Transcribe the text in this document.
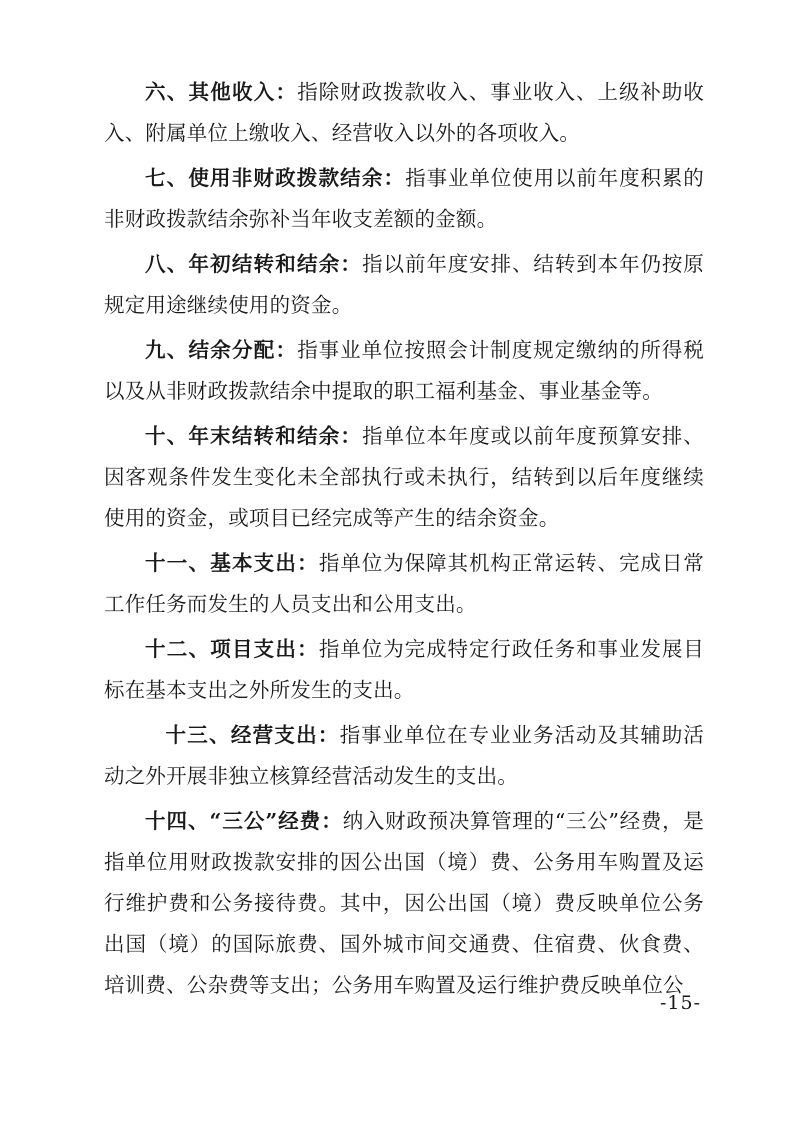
六、其他收入：指除财政拨款收入、事业收入、上级补助收入、附属单位上缴收入、经营收入以外的各项收入。

七、使用非财政拨款结余：指事业单位使用以前年度积累的非财政拨款结余弥补当年收支差额的金额。

八、年初结转和结余：指以前年度安排、结转到本年仍按原规定用途继续使用的资金。

九、结余分配：指事业单位按照会计制度规定缴纳的所得税以及从非财政拨款结余中提取的职工福利基金、事业基金等。

十、年末结转和结余：指单位本年度或以前年度预算安排、因客观条件发生变化未全部执行或未执行，结转到以后年度继续使用的资金，或项目已经完成等产生的结余资金。

十一、基本支出：指单位为保障其机构正常运转、完成日常工作任务而发生的人员支出和公用支出。

十二、项目支出：指单位为完成特定行政任务和事业发展目标在基本支出之外所发生的支出。

十三、经营支出：指事业单位在专业业务活动及其辅助活动之外开展非独立核算经营活动发生的支出。

十四、“三公”经费：纳入财政预决算管理的“三公”经费，是指单位用财政拨款安排的因公出国（境）费、公务用车购置及运行维护费和公务接待费。其中，因公出国（境）费反映单位公务出国（境）的国际旅费、国外城市间交通费、住宿费、伙食费、培训费、公杂费等支出；公务用车购置及运行维护费反映单位公

-15-
